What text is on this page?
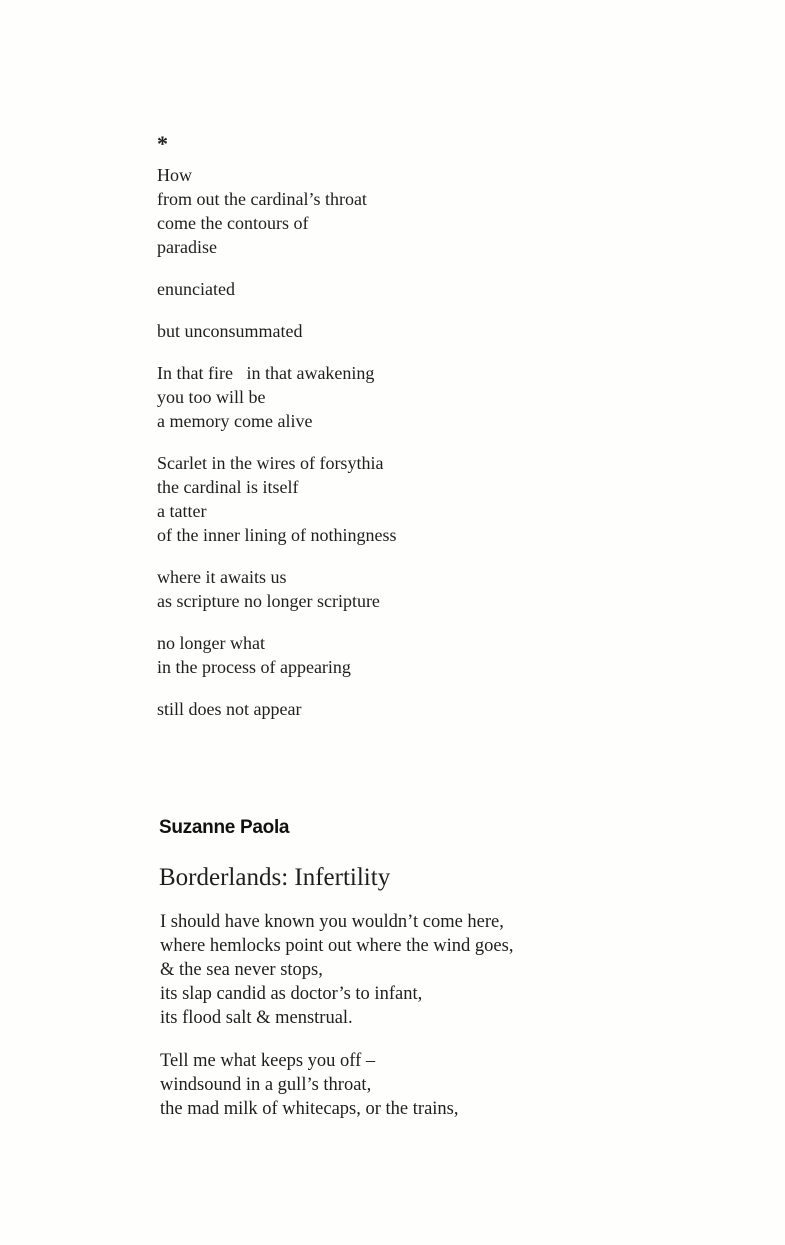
*
How
from out the cardinal’s throat
come the contours of
paradise
enunciated
but unconsummated
In that fire   in that awakening
you too will be
a memory come alive
Scarlet in the wires of forsythia
the cardinal is itself
a tatter
of the inner lining of nothingness
where it awaits us
as scripture no longer scripture
no longer what
in the process of appearing
still does not appear
Suzanne Paola
Borderlands: Infertility
I should have known you wouldn’t come here,
where hemlocks point out where the wind goes,
& the sea never stops,
its slap candid as doctor’s to infant,
its flood salt & menstrual.
Tell me what keeps you off –
windsound in a gull’s throat,
the mad milk of whitecaps, or the trains,
